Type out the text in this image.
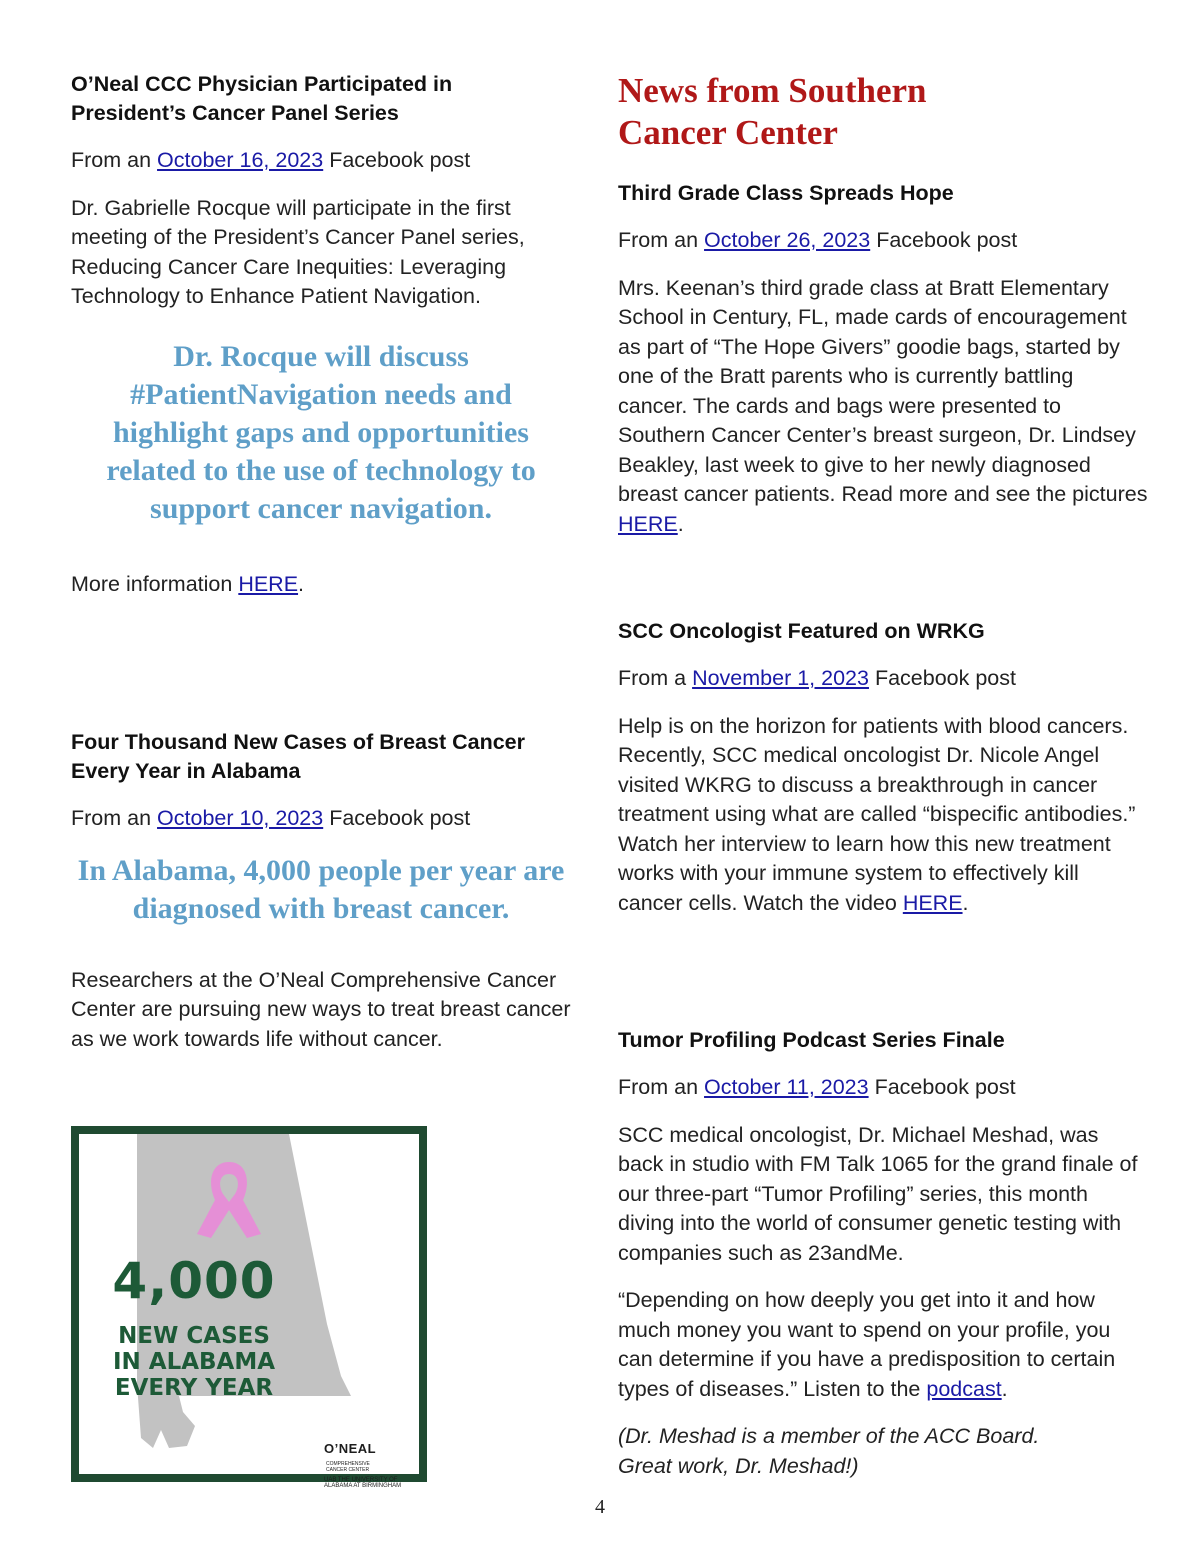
O’Neal CCC Physician Participated in President’s Cancer Panel Series

From an October 16, 2023 Facebook post

Dr. Gabrielle Rocque will participate in the first meeting of the President’s Cancer Panel series, Reducing Cancer Care Inequities: Leveraging Technology to Enhance Patient Navigation.

Dr. Rocque will discuss #PatientNavigation needs and highlight gaps and opportunities related to the use of technology to support cancer navigation.

More information HERE.

Four Thousand New Cases of Breast Cancer Every Year in Alabama

From an October 10, 2023 Facebook post

In Alabama, 4,000 people per year are diagnosed with breast cancer.

Researchers at the O’Neal Comprehensive Cancer Center are pursuing new ways to treat breast cancer as we work towards life without cancer.

4,000
NEW CASES
IN ALABAMA
EVERY YEAR
O’NEAL COMPREHENSIVE
CANCER CENTER
UAB THE UNIVERSITY OF ALABAMA AT BIRMINGHAM
News from Southern
Cancer Center
Third Grade Class Spreads Hope

From an October 26, 2023 Facebook post

Mrs. Keenan’s third grade class at Bratt Elementary School in Century, FL, made cards of encouragement as part of “The Hope Givers” goodie bags, started by one of the Bratt parents who is currently battling cancer. The cards and bags were presented to Southern Cancer Center’s breast surgeon, Dr. Lindsey Beakley, last week to give to her newly diagnosed breast cancer patients. Read more and see the pictures HERE.

SCC Oncologist Featured on WRKG

From a November 1, 2023 Facebook post

Help is on the horizon for patients with blood cancers. Recently, SCC medical oncologist Dr. Nicole Angel visited WKRG to discuss a breakthrough in cancer treatment using what are called “bispecific antibodies.” Watch her interview to learn how this new treatment works with your immune system to effectively kill cancer cells. Watch the video HERE.

Tumor Profiling Podcast Series Finale

From an October 11, 2023 Facebook post

SCC medical oncologist, Dr. Michael Meshad, was back in studio with FM Talk 1065 for the grand finale of our three-part “Tumor Profiling” series, this month diving into the world of consumer genetic testing with companies such as 23andMe.

“Depending on how deeply you get into it and how much money you want to spend on your profile, you can determine if you have a predisposition to certain types of diseases.” Listen to the podcast.

(Dr. Meshad is a member of the ACC Board. Great work, Dr. Meshad!)

4
